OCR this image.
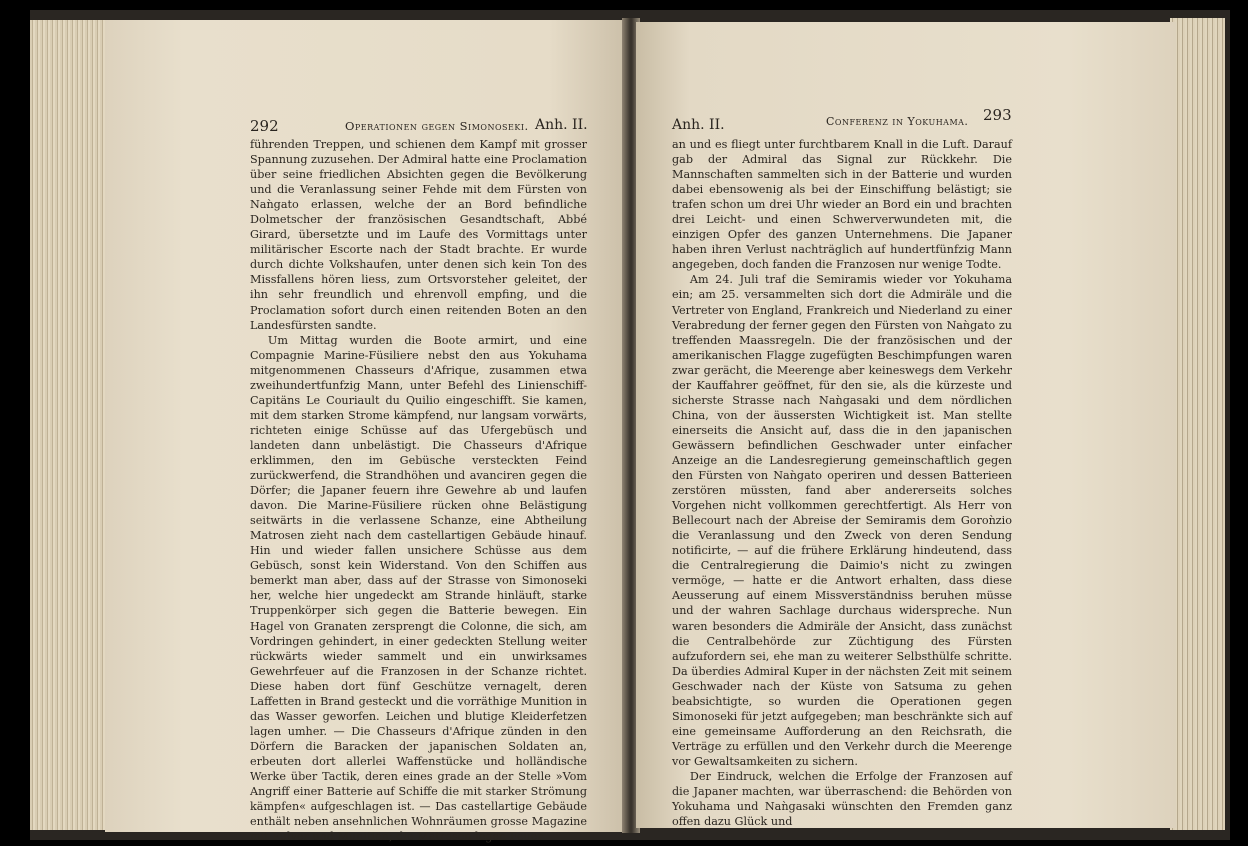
292	Operationen gegen Simonoseki. Anh. II.

führenden Treppen, und schienen dem Kampf mit grosser Spannung zuzusehen. Der Admiral hatte eine Proclamation über seine friedlichen Absichten gegen die Bevölkerung und die Veranlassung seiner Fehde mit dem Fürsten von Naǹgato erlassen, welche der an Bord befindliche Dolmetscher der französischen Gesandtschaft, Abbé Girard, übersetzte und im Laufe des Vormittags unter militärischer Escorte nach der Stadt brachte. Er wurde durch dichte Volkshaufen, unter denen sich kein Ton des Missfallens hören liess, zum Ortsvorsteher geleitet, der ihn sehr freundlich und ehrenvoll empfing, und die Proclamation sofort durch einen reitenden Boten an den Landesfürsten sandte.

Um Mittag wurden die Boote armirt, und eine Compagnie Marine-Füsiliere nebst den aus Yokuhama mitgenommenen Chasseurs d'Afrique, zusammen etwa zweihundertfunfzig Mann, unter Befehl des Linienschiff-Capitäns Le Couriault du Quilio eingeschifft. Sie kamen, mit dem starken Strome kämpfend, nur langsam vorwärts, richteten einige Schüsse auf das Ufergebüsch und landeten dann unbelästigt. Die Chasseurs d'Afrique erklimmen, den im Gebüsche versteckten Feind zurückwerfend, die Strandhöhen und avanciren gegen die Dörfer; die Japaner feuern ihre Gewehre ab und laufen davon. Die Marine-Füsiliere rücken ohne Belästigung seitwärts in die verlassene Schanze, eine Abtheilung Matrosen zieht nach dem castellartigen Gebäude hinauf. Hin und wieder fallen unsichere Schüsse aus dem Gebüsch, sonst kein Widerstand. Von den Schiffen aus bemerkt man aber, dass auf der Strasse von Simonoseki her, welche hier ungedeckt am Strande hinläuft, starke Truppenkörper sich gegen die Batterie bewegen. Ein Hagel von Granaten zersprengt die Colonne, die sich, am Vordringen gehindert, in einer gedeckten Stellung weiter rückwärts wieder sammelt und ein unwirksames Gewehrfeuer auf die Franzosen in der Schanze richtet. Diese haben dort fünf Geschütze vernagelt, deren Laffetten in Brand gesteckt und die vorräthige Munition in das Wasser geworfen. Leichen und blutige Kleiderfetzen lagen umher. — Die Chasseurs d'Afrique zünden in den Dörfern die Baracken der japanischen Soldaten an, erbeuten dort allerlei Waffenstücke und holländische Werke über Tactik, deren eines grade an der Stelle »Vom Angriff einer Batterie auf Schiffe die mit starker Strömung kämpfen« aufgeschlagen ist. — Das castellartige Gebäude enthält neben ansehnlichen Wohnräumen grosse Magazine mit Pulver und Munition; die Matrosen legen Feuer

Anh. II.	Conferenz in Yokuhama. 293

an und es fliegt unter furchtbarem Knall in die Luft. Darauf gab der Admiral das Signal zur Rückkehr. Die Mannschaften sammelten sich in der Batterie und wurden dabei ebensowenig als bei der Einschiffung belästigt; sie trafen schon um drei Uhr wieder an Bord ein und brachten drei Leicht- und einen Schwerverwundeten mit, die einzigen Opfer des ganzen Unternehmens. Die Japaner haben ihren Verlust nachträglich auf hundertfünfzig Mann angegeben, doch fanden die Franzosen nur wenige Todte.

Am 24. Juli traf die Semiramis wieder vor Yokuhama ein; am 25. versammelten sich dort die Admiräle und die Vertreter von England, Frankreich und Niederland zu einer Verabredung der ferner gegen den Fürsten von Naǹgato zu treffenden Maassregeln. Die der französischen und der amerikanischen Flagge zugefügten Beschimpfungen waren zwar gerächt, die Meerenge aber keineswegs dem Verkehr der Kauffahrer geöffnet, für den sie, als die kürzeste und sicherste Strasse nach Naǹgasaki und dem nördlichen China, von der äussersten Wichtigkeit ist. Man stellte einerseits die Ansicht auf, dass die in den japanischen Gewässern befindlichen Geschwader unter einfacher Anzeige an die Landesregierung gemeinschaftlich gegen den Fürsten von Naǹgato operiren und dessen Batterieen zerstören müssten, fand aber andererseits solches Vorgehen nicht vollkommen gerechtfertigt. Als Herr von Bellecourt nach der Abreise der Semiramis dem Goroǹzio die Veranlassung und den Zweck von deren Sendung notificirte, — auf die frühere Erklärung hindeutend, dass die Centralregierung die Daimio's nicht zu zwingen vermöge, — hatte er die Antwort erhalten, dass diese Aeusserung auf einem Missverständniss beruhen müsse und der wahren Sachlage durchaus widerspreche. Nun waren besonders die Admiräle der Ansicht, dass zunächst die Centralbehörde zur Züchtigung des Fürsten aufzufordern sei, ehe man zu weiterer Selbsthülfe schritte. Da überdies Admiral Kuper in der nächsten Zeit mit seinem Geschwader nach der Küste von Satsuma zu gehen beabsichtigte, so wurden die Operationen gegen Simonoseki für jetzt aufgegeben; man beschränkte sich auf eine gemeinsame Aufforderung an den Reichsrath, die Verträge zu erfüllen und den Verkehr durch die Meerenge vor Gewaltsamkeiten zu sichern.

Der Eindruck, welchen die Erfolge der Franzosen auf die Japaner machten, war überraschend: die Behörden von Yokuhama und Naǹgasaki wünschten den Fremden ganz offen dazu Glück und
